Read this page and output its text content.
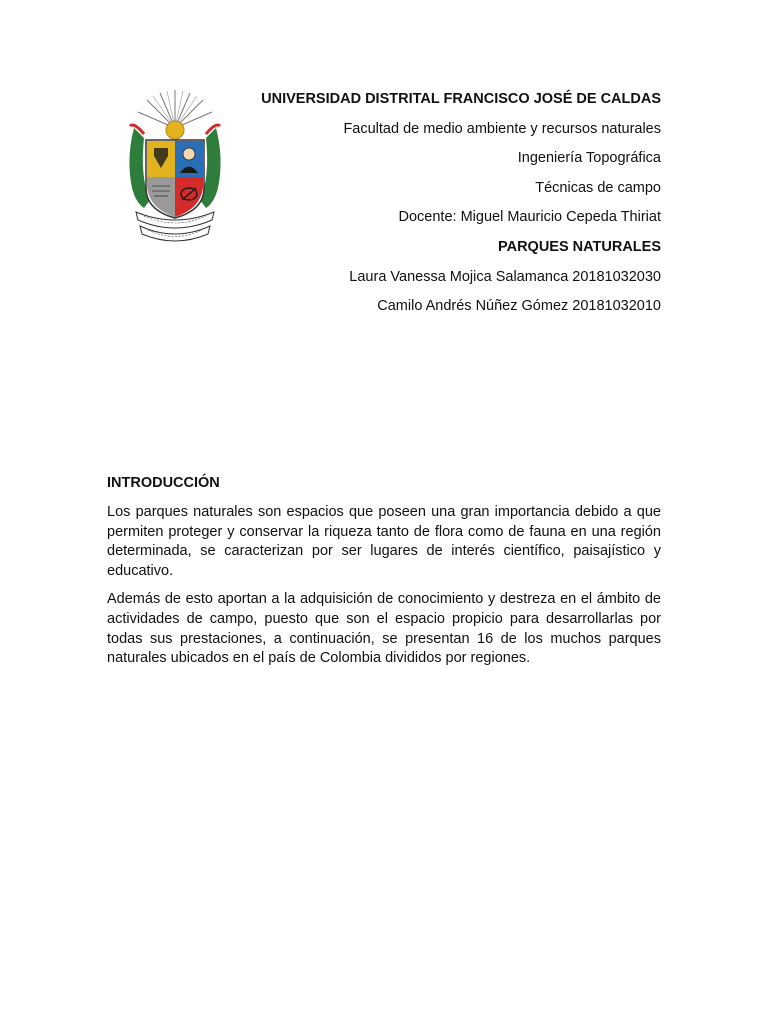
UNIVERSIDAD DISTRITAL FRANCISCO JOSÉ DE CALDAS
Facultad de medio ambiente y recursos naturales
Ingeniería Topográfica
Técnicas de campo
Docente: Miguel Mauricio Cepeda Thiriat
PARQUES NATURALES
Laura Vanessa Mojica Salamanca 20181032030
Camilo Andrés Núñez Gómez 20181032010
INTRODUCCIÓN

Los parques naturales son espacios que poseen una gran importancia debido a que permiten proteger y conservar la riqueza tanto de flora como de fauna en una región determinada, se caracterizan por ser lugares de interés científico, paisajístico y educativo.

Además de esto aportan a la adquisición de conocimiento y destreza en el ámbito de actividades de campo, puesto que son el espacio propicio para desarrollarlas por todas sus prestaciones, a continuación, se presentan 16 de los muchos parques naturales ubicados en el país de Colombia divididos por regiones.
